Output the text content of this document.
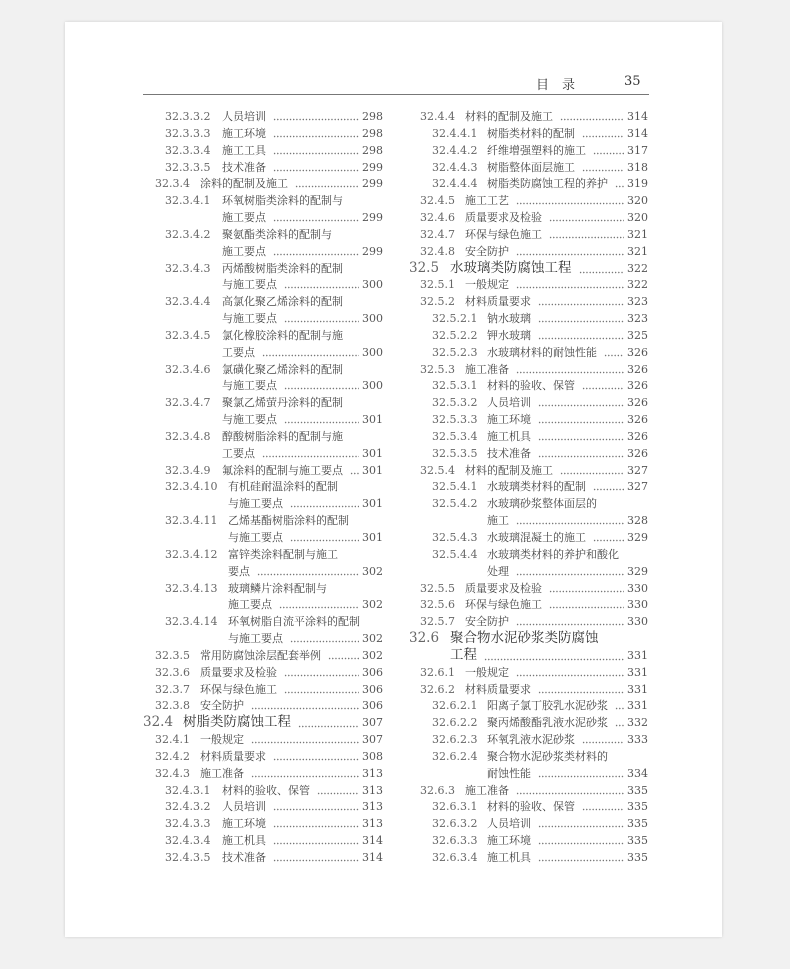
目　录	35
32.3.3.2 人员培训	298
32.3.3.3 施工环境	298
32.3.3.4 施工工具	298
32.3.3.5 技术准备	299
32.3.4 涂料的配制及施工	299
32.3.4.1 环氧树脂类涂料的配制与
施工要点	299
32.3.4.2 聚氨酯类涂料的配制与
施工要点	299
32.3.4.3 丙烯酸树脂类涂料的配制
与施工要点	300
32.3.4.4 高氯化聚乙烯涂料的配制
与施工要点	300
32.3.4.5 氯化橡胶涂料的配制与施
工要点	300
32.3.4.6 氯磺化聚乙烯涂料的配制
与施工要点	300
32.3.4.7 聚氯乙烯萤丹涂料的配制
与施工要点	301
32.3.4.8 醇酸树脂涂料的配制与施
工要点	301
32.3.4.9 氟涂料的配制与施工要点	301
32.3.4.10 有机硅耐温涂料的配制
与施工要点	301
32.3.4.11 乙烯基酯树脂涂料的配制
与施工要点	301
32.3.4.12 富锌类涂料配制与施工
要点	302
32.3.4.13 玻璃鳞片涂料配制与
施工要点	302
32.3.4.14 环氧树脂自流平涂料的配制
与施工要点	302
32.3.5 常用防腐蚀涂层配套举例	302
32.3.6 质量要求及检验	306
32.3.7 环保与绿色施工	306
32.3.8 安全防护	306
32.4 树脂类防腐蚀工程	307
32.4.1 一般规定	307
32.4.2 材料质量要求	308
32.4.3 施工准备	313
32.4.3.1 材料的验收、保管	313
32.4.3.2 人员培训	313
32.4.3.3 施工环境	313
32.4.3.4 施工机具	314
32.4.3.5 技术准备	314
32.4.4 材料的配制及施工	314
32.4.4.1 树脂类材料的配制	314
32.4.4.2 纤维增强塑料的施工	317
32.4.4.3 树脂整体面层施工	318
32.4.4.4 树脂类防腐蚀工程的养护	319
32.4.5 施工工艺	320
32.4.6 质量要求及检验	320
32.4.7 环保与绿色施工	321
32.4.8 安全防护	321
32.5 水玻璃类防腐蚀工程	322
32.5.1 一般规定	322
32.5.2 材料质量要求	323
32.5.2.1 钠水玻璃	323
32.5.2.2 钾水玻璃	325
32.5.2.3 水玻璃材料的耐蚀性能	326
32.5.3 施工准备	326
32.5.3.1 材料的验收、保管	326
32.5.3.2 人员培训	326
32.5.3.3 施工环境	326
32.5.3.4 施工机具	326
32.5.3.5 技术准备	326
32.5.4 材料的配制及施工	327
32.5.4.1 水玻璃类材料的配制	327
32.5.4.2 水玻璃砂浆整体面层的
施工	328
32.5.4.3 水玻璃混凝土的施工	329
32.5.4.4 水玻璃类材料的养护和酸化
处理	329
32.5.5 质量要求及检验	330
32.5.6 环保与绿色施工	330
32.5.7 安全防护	330
32.6 聚合物水泥砂浆类防腐蚀
工程	331
32.6.1 一般规定	331
32.6.2 材料质量要求	331
32.6.2.1 阳离子氯丁胶乳水泥砂浆	331
32.6.2.2 聚丙烯酸酯乳液水泥砂浆	332
32.6.2.3 环氧乳液水泥砂浆	333
32.6.2.4 聚合物水泥砂浆类材料的
耐蚀性能	334
32.6.3 施工准备	335
32.6.3.1 材料的验收、保管	335
32.6.3.2 人员培训	335
32.6.3.3 施工环境	335
32.6.3.4 施工机具	335
